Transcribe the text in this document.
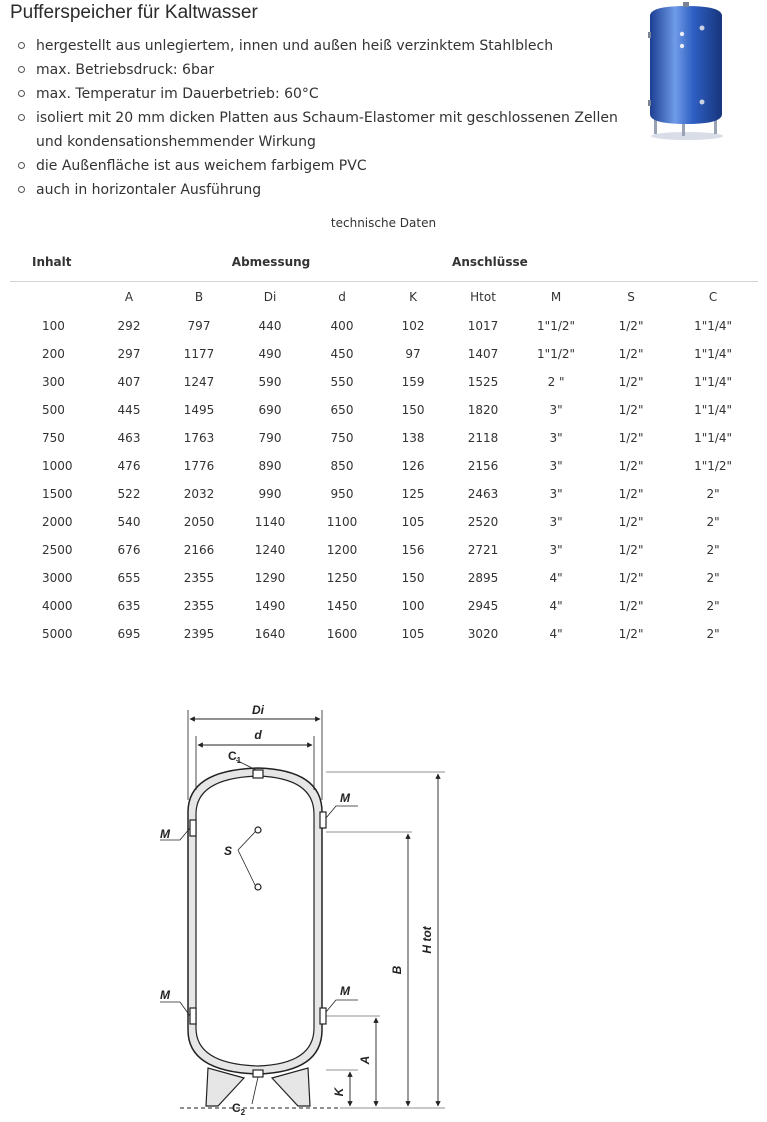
Pufferspeicher für Kaltwasser
hergestellt aus unlegiertem, innen und außen heiß verzinktem Stahlblech
max. Betriebsdruck: 6bar
max. Temperatur im Dauerbetrieb: 60°C
isoliert mit 20 mm dicken Platten aus Schaum-Elastomer mit geschlossenen Zellen und kondensationshemmender Wirkung
die Außenfläche ist aus weichem farbigem PVC
auch in horizontaler Ausführung
technische Daten
Inhalt	Abmessung					Anschlüsse			
	A	B	Di	d	K	Htot	M	S	C
100	292	797	440	400	102	1017	1"1/2"	1/2"	1"1/4"
200	297	1177	490	450	97	1407	1"1/2"	1/2"	1"1/4"
300	407	1247	590	550	159	1525	2 "	1/2"	1"1/4"
500	445	1495	690	650	150	1820	3"	1/2"	1"1/4"
750	463	1763	790	750	138	2118	3"	1/2"	1"1/4"
1000	476	1776	890	850	126	2156	3"	1/2"	1"1/2"
1500	522	2032	990	950	125	2463	3"	1/2"	2"
2000	540	2050	1140	1100	105	2520	3"	1/2"	2"
2500	676	2166	1240	1200	156	2721	3"	1/2"	2"
3000	655	2355	1290	1250	150	2895	4"	1/2"	2"
4000	635	2355	1490	1450	100	2945	4"	1/2"	2"
5000	695	2395	1640	1600	105	3020	4"	1/2"	2"
Di
d
$C_1$
$C_2$
M
M
M	M
S
K
A
B
H tot
